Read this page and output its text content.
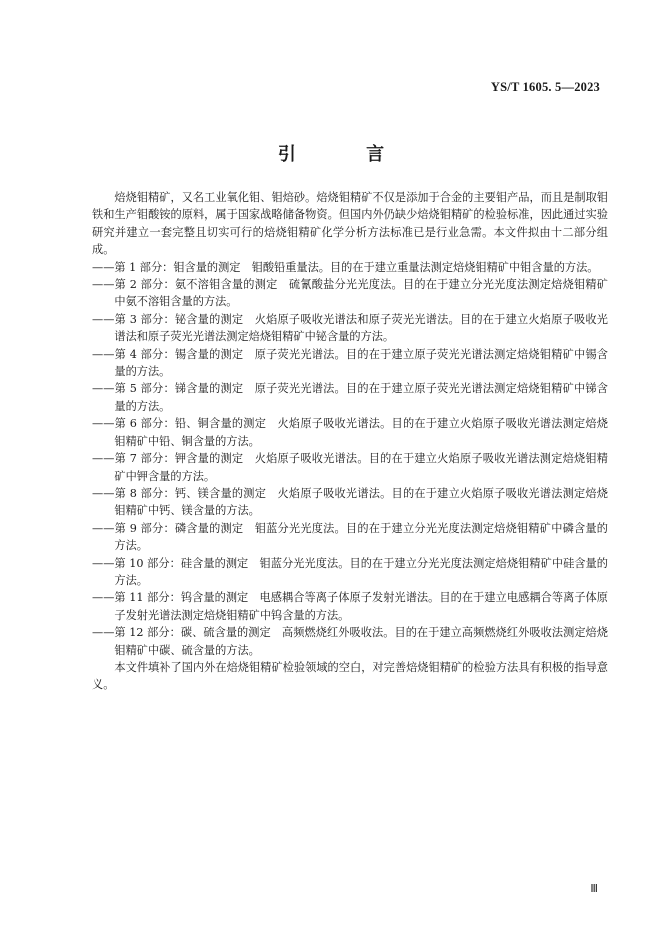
YS/T 1605. 5—2023
引 言

焙烧钼精矿，又名工业氧化钼、钼焙砂。焙烧钼精矿不仅是添加于合金的主要钼产品，而且是制取钼铁和生产钼酸铵的原料，属于国家战略储备物资。但国内外仍缺少焙烧钼精矿的检验标准，因此通过实验研究并建立一套完整且切实可行的焙烧钼精矿化学分析方法标准已是行业急需。本文件拟由十二部分组成。

——第 1 部分：钼含量的测定 钼酸铅重量法。目的在于建立重量法测定焙烧钼精矿中钼含量的方法。

——第 2 部分：氨不溶钼含量的测定 硫氰酸盐分光光度法。目的在于建立分光光度法测定焙烧钼精矿中氨不溶钼含量的方法。

——第 3 部分：铋含量的测定 火焰原子吸收光谱法和原子荧光光谱法。目的在于建立火焰原子吸收光谱法和原子荧光光谱法测定焙烧钼精矿中铋含量的方法。

——第 4 部分：锡含量的测定 原子荧光光谱法。目的在于建立原子荧光光谱法测定焙烧钼精矿中锡含量的方法。

——第 5 部分：锑含量的测定 原子荧光光谱法。目的在于建立原子荧光光谱法测定焙烧钼精矿中锑含量的方法。

——第 6 部分：铅、铜含量的测定 火焰原子吸收光谱法。目的在于建立火焰原子吸收光谱法测定焙烧钼精矿中铅、铜含量的方法。

——第 7 部分：钾含量的测定 火焰原子吸收光谱法。目的在于建立火焰原子吸收光谱法测定焙烧钼精矿中钾含量的方法。

——第 8 部分：钙、镁含量的测定 火焰原子吸收光谱法。目的在于建立火焰原子吸收光谱法测定焙烧钼精矿中钙、镁含量的方法。

——第 9 部分：磷含量的测定 钼蓝分光光度法。目的在于建立分光光度法测定焙烧钼精矿中磷含量的方法。

——第 10 部分：硅含量的测定 钼蓝分光光度法。目的在于建立分光光度法测定焙烧钼精矿中硅含量的方法。

——第 11 部分：钨含量的测定 电感耦合等离子体原子发射光谱法。目的在于建立电感耦合等离子体原子发射光谱法测定焙烧钼精矿中钨含量的方法。

——第 12 部分：碳、硫含量的测定 高频燃烧红外吸收法。目的在于建立高频燃烧红外吸收法测定焙烧钼精矿中碳、硫含量的方法。

本文件填补了国内外在焙烧钼精矿检验领域的空白，对完善焙烧钼精矿的检验方法具有积极的指导意义。

Ⅲ
